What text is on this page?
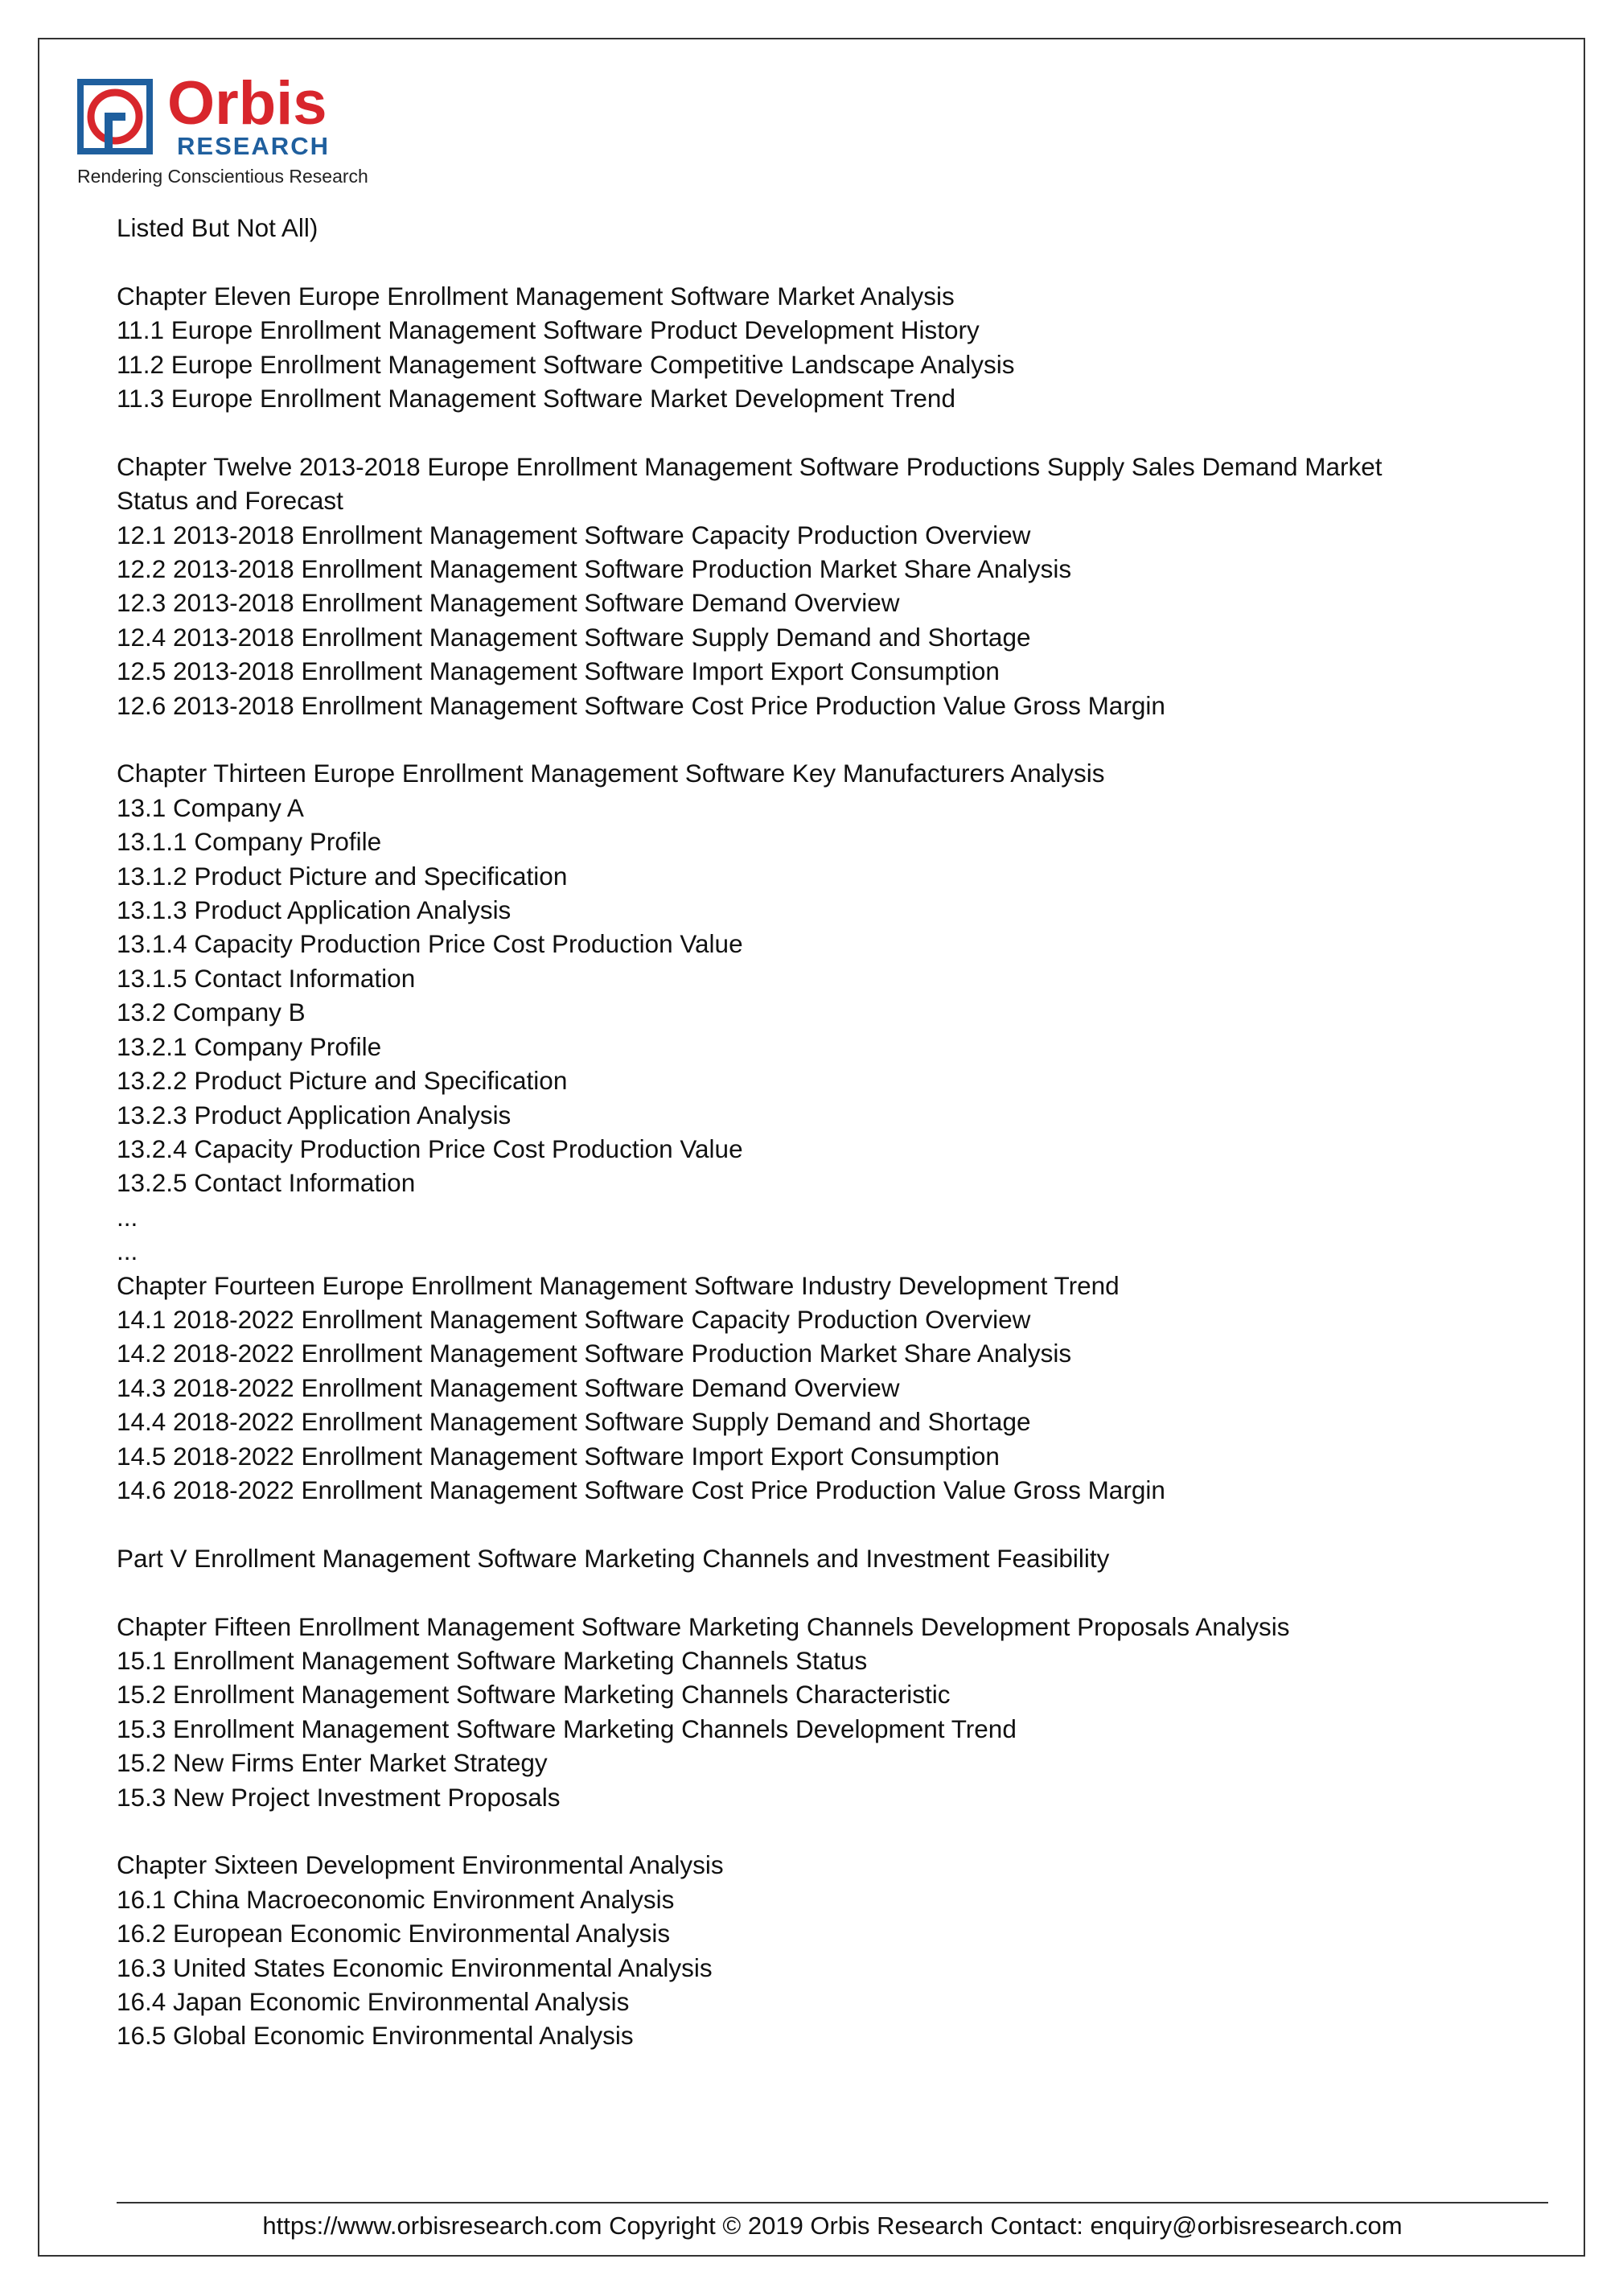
Orbis
RESEARCH
Rendering Conscientious Research
Listed But Not All)
Chapter Eleven Europe Enrollment Management Software Market Analysis
11.1 Europe Enrollment Management Software Product Development History
11.2 Europe Enrollment Management Software Competitive Landscape Analysis
11.3 Europe Enrollment Management Software Market Development Trend
Chapter Twelve 2013-2018 Europe Enrollment Management Software Productions Supply Sales Demand Market
Status and Forecast
12.1 2013-2018 Enrollment Management Software Capacity Production Overview
12.2 2013-2018 Enrollment Management Software Production Market Share Analysis
12.3 2013-2018 Enrollment Management Software Demand Overview
12.4 2013-2018 Enrollment Management Software Supply Demand and Shortage
12.5 2013-2018 Enrollment Management Software Import Export Consumption
12.6 2013-2018 Enrollment Management Software Cost Price Production Value Gross Margin
Chapter Thirteen Europe Enrollment Management Software Key Manufacturers Analysis
13.1 Company A
13.1.1 Company Profile
13.1.2 Product Picture and Specification
13.1.3 Product Application Analysis
13.1.4 Capacity Production Price Cost Production Value
13.1.5 Contact Information
13.2 Company B
13.2.1 Company Profile
13.2.2 Product Picture and Specification
13.2.3 Product Application Analysis
13.2.4 Capacity Production Price Cost Production Value
13.2.5 Contact Information
...
...
Chapter Fourteen Europe Enrollment Management Software Industry Development Trend
14.1 2018-2022 Enrollment Management Software Capacity Production Overview
14.2 2018-2022 Enrollment Management Software Production Market Share Analysis
14.3 2018-2022 Enrollment Management Software Demand Overview
14.4 2018-2022 Enrollment Management Software Supply Demand and Shortage
14.5 2018-2022 Enrollment Management Software Import Export Consumption
14.6 2018-2022 Enrollment Management Software Cost Price Production Value Gross Margin
Part V Enrollment Management Software Marketing Channels and Investment Feasibility
Chapter Fifteen Enrollment Management Software Marketing Channels Development Proposals Analysis
15.1 Enrollment Management Software Marketing Channels Status
15.2 Enrollment Management Software Marketing Channels Characteristic
15.3 Enrollment Management Software Marketing Channels Development Trend
15.2 New Firms Enter Market Strategy
15.3 New Project Investment Proposals
Chapter Sixteen Development Environmental Analysis
16.1 China Macroeconomic Environment Analysis
16.2 European Economic Environmental Analysis
16.3 United States Economic Environmental Analysis
16.4 Japan Economic Environmental Analysis
16.5 Global Economic Environmental Analysis
https://www.orbisresearch.com Copyright © 2019 Orbis Research Contact: enquiry@orbisresearch.com
